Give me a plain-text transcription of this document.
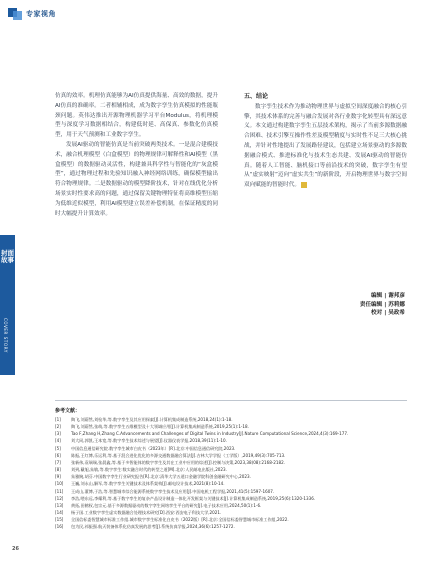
专家视角
封面故事
COVER STORY

仿真的效率。机理仿真能够为AI仿真提供海量、高效的数据，提升AI仿真的准确率。二者相辅相成，成为数字孪生仿真模拟的性能瓶颈问题。英伟达推出开源物理机器学习平台Modulus，将机理模型与深度学习数据相结合，构建低时延、高保真、参数化仿真模型，用于天气预测和工业数字孪生。

发展AI驱动的智能仿真是当前突破两类技术。一是混合建模技术，融合机理模型（白盒模型）的物理规律可解释性和AI模型（黑盒模型）的数据驱动灵活性，构建兼具科学性与智能化的“灰盒模型”，通过物理过程和先验知识融入神经网络训练，确保模型输出符合物理规律。二是数据驱动的模型降阶技术，针对在线优化分析场景实时性要求高的问题，通过保留关键物理特征将高维模型压缩为低维近似模型，利用AI模型建立误差补偿机制，在保证精度的同时大幅提升计算效率。

五、结论

数字孪生技术作为推动物理世界与虚拟空间深度融合的核心引擎，其技术体系的完善与融合发展对各行业数字化转型具有深远意义。本文通过构建数字孪生五层技术架构，揭示了当前多源数据融合困难、技术引擎互操作性差及模型精度与实时性不足三大核心挑战，并针对性地提出了发展路径建议，包括建立场景驱动的多源数据融合模式、推进标准化与技术生态共建、发展AI驱动的智能仿真。随着人工智能、脑机接口等前沿技术的突破，数字孪生有望从“虚实映射”迈向“虚实共生”的新阶段，开启物理世界与数字空间双向赋能的智能时代。

编辑 | 谢邦彦
责任编辑 | 苏莉娜
校对 | 吴政希
参考文献：
[1]	陶飞,刘蔚然,刘检华,等.数字孪生及其应用探索[J].计算机集成制造系统,2018,24(1):1-18.
[2]	陶飞,刘蔚然,张萌,等.数字孪生五维模型及十大领域应用[J].计算机集成制造系统,2019,25(1):1-18.
[3]	Tao F,Zhang H,Zhang C.Advancements and Challenges of Digital Twins in Industry[J].Nature Computational Science,2024,4(3):169-177.
[4]	刘大同,郭凯,王本宽,等.数字孪生技术综述与展望[J].仪器仪表学报,2018,39(11):1-10.
[5]	中国信息通信研究院.数字孪生城市白皮书（2023年）[R].北京:中国信息通信研究院,2023.
[6]	陈振,王红博,乐运利,等.基于混合进化优化的多源交通数据融合算法[J].吉林大学学报（工学版）,2019,49(3):705-713.
[7]	张新伟,袁瑞瑞,张晨鑫,等.基于多智能体的数字孪生及其在工业中应用的综述[J].控制与决策,2023,38(08):2168-2182.
[8]	刘到,戴旭,朱敏,等.数字孪生:数实融合时代的转型之道[M].北京:人民邮电出版社,2023.
[9]	朱雅婉,胡芬.中国数字孪生行业研究报告[R].北京:清华大学五道口金融学院科创金融研究中心,2023.
[10]	王巍,刘永山,解军,等.数字孪生关键技术及体系架构[J].邮电设计技术,2021(8):10-14.
[11]	王成山,董博,于浩,等.智慧城市综合能源系统数字孪生技术及应用[J].中国电机工程学报,2021,41(5):1597-1607.
[12]	李浩,喂东远,李耀利,等.基于数字孪生的复杂产品设计制造一体化开发框架与关键技术[J].计算机集成制造系统,2019,25(6):1320-1336.
[13]	黄拓,田鹤权,包宗元.基于多源数据驱动的数字孪生网络孪生平台的研究[J].电子技术应用,2024,50(1):1-6.
[14]	杨子国.工业数字孪生虚实数据融合处理技术研究[D].西安:西安电子科技大学,2021.
[15]	全国信标委智慧城市标准工作组.城市数字孪生标准化白皮书（2022版）[R].北京:全国信标委智慧城市标准工作组,2022.
[16]	包为民,祁振强.航天装备体系化仿真发展的思考[J].系统仿真学报,2024,36(6):1257-1272.
26
